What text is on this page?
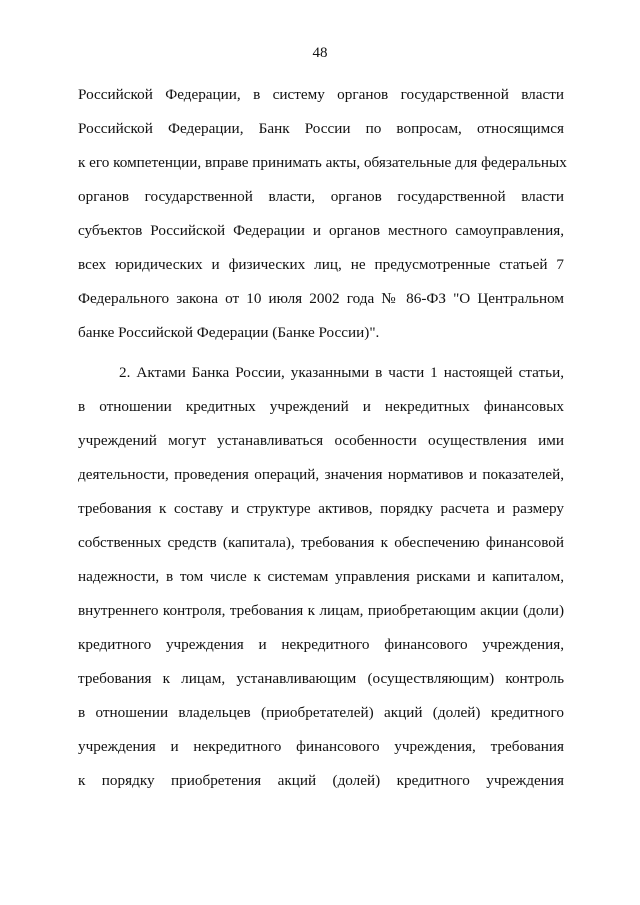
48
Российской Федерации, в систему органов государственной власти
Российской Федерации, Банк России по вопросам, относящимся
к его компетенции, вправе принимать акты, обязательные для федеральных
органов государственной власти, органов государственной власти
субъектов Российской Федерации и органов местного самоуправления,
всех юридических и физических лиц, не предусмотренные статьей 7
Федерального закона от 10 июля 2002 года № 86-ФЗ "О Центральном
банке Российской Федерации (Банке России)".
2. Актами Банка России, указанными в части 1 настоящей статьи,
в отношении кредитных учреждений и некредитных финансовых
учреждений могут устанавливаться особенности осуществления ими
деятельности, проведения операций, значения нормативов и показателей,
требования к составу и структуре активов, порядку расчета и размеру
собственных средств (капитала), требования к обеспечению финансовой
надежности, в том числе к системам управления рисками и капиталом,
внутреннего контроля, требования к лицам, приобретающим акции (доли)
кредитного учреждения и некредитного финансового учреждения,
требования к лицам, устанавливающим (осуществляющим) контроль
в отношении владельцев (приобретателей) акций (долей) кредитного
учреждения и некредитного финансового учреждения, требования
к порядку приобретения акций (долей) кредитного учреждения
